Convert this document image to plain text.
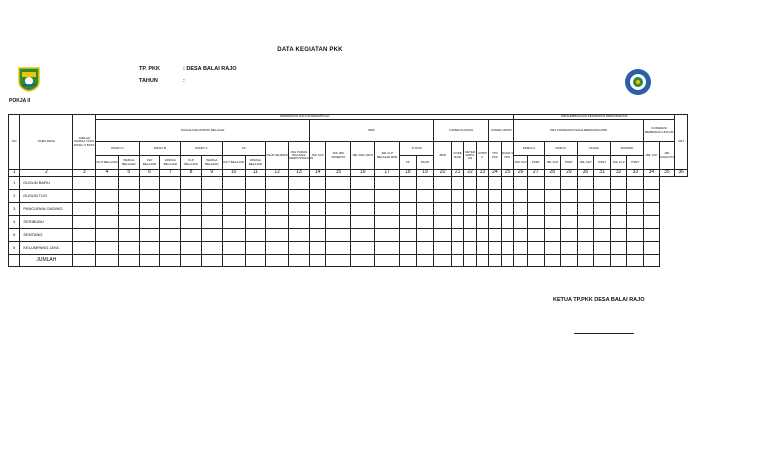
DATA KEGIATAN PKK
TP. PKK	: DESA BALAI RAJO
TAHUN	:
POKJA II
NO	NAMA DESA	JUMLAH WARGA YANG MASIH 3 BUTA	PENDIDIKAN DAN KETERAMPILAN																						PENGEMBANGAN KEHIDUPAN BERKOPERASI										KET
			JUMLAH KELOMPOK BELAJAR										BKB						KADER KHUSUS				KADER UMUM		PRA KOPERASI/USAHA BERSAMA/UP2K								KOPERASI BERBADAN HUKUM		
			PAKET A		PAKET B		PAKET C		KF		PAUD SEJENIS	JML TAMAN BACAAN/ PERPUSTAKAAN	JML KLP	JML IBU PESERTA	JML APE (SET)	JML KLP BELAJAR BKB	TUTOR		BKB	KOPE RASI	KETER AMPIL AN	LP3PK K	TP3 PKK	DAMA S PKK	PEMULA		MADYA		UTAMA		MANDIRI		JML KLP	JML ANGGOTA	
			IKUT BELAJAR	WARGA BELAJAR	KLP BELAJAR	WARGA BELAJAR	KLP BELAJAR	WARGA BELAJAR	IKUT BELAJAR	WARGA BELAJAR							KF	PAUD							JML KLP	PSRT	JML KLP	PSRT	JML KLP	PSRT	JML KLP	PSRT			
1	2	3	4	5	6	7	8	9	10	11	12	13	14	15	16	17	18	19	20	21	22	23	24	25	26	27	28	29	30	31	32	33	34	35	36
1	DUSUN BARU																																		
2	DUSUN TUO																																		
3	PANCURAN GADING																																		
4	SERIBUBU																																		
5	SENTANG																																		
6	KELUMPANG JAYA																																		
	JUMLAH																																		
KETUA TP.PKK DESA BALAI RAJO
